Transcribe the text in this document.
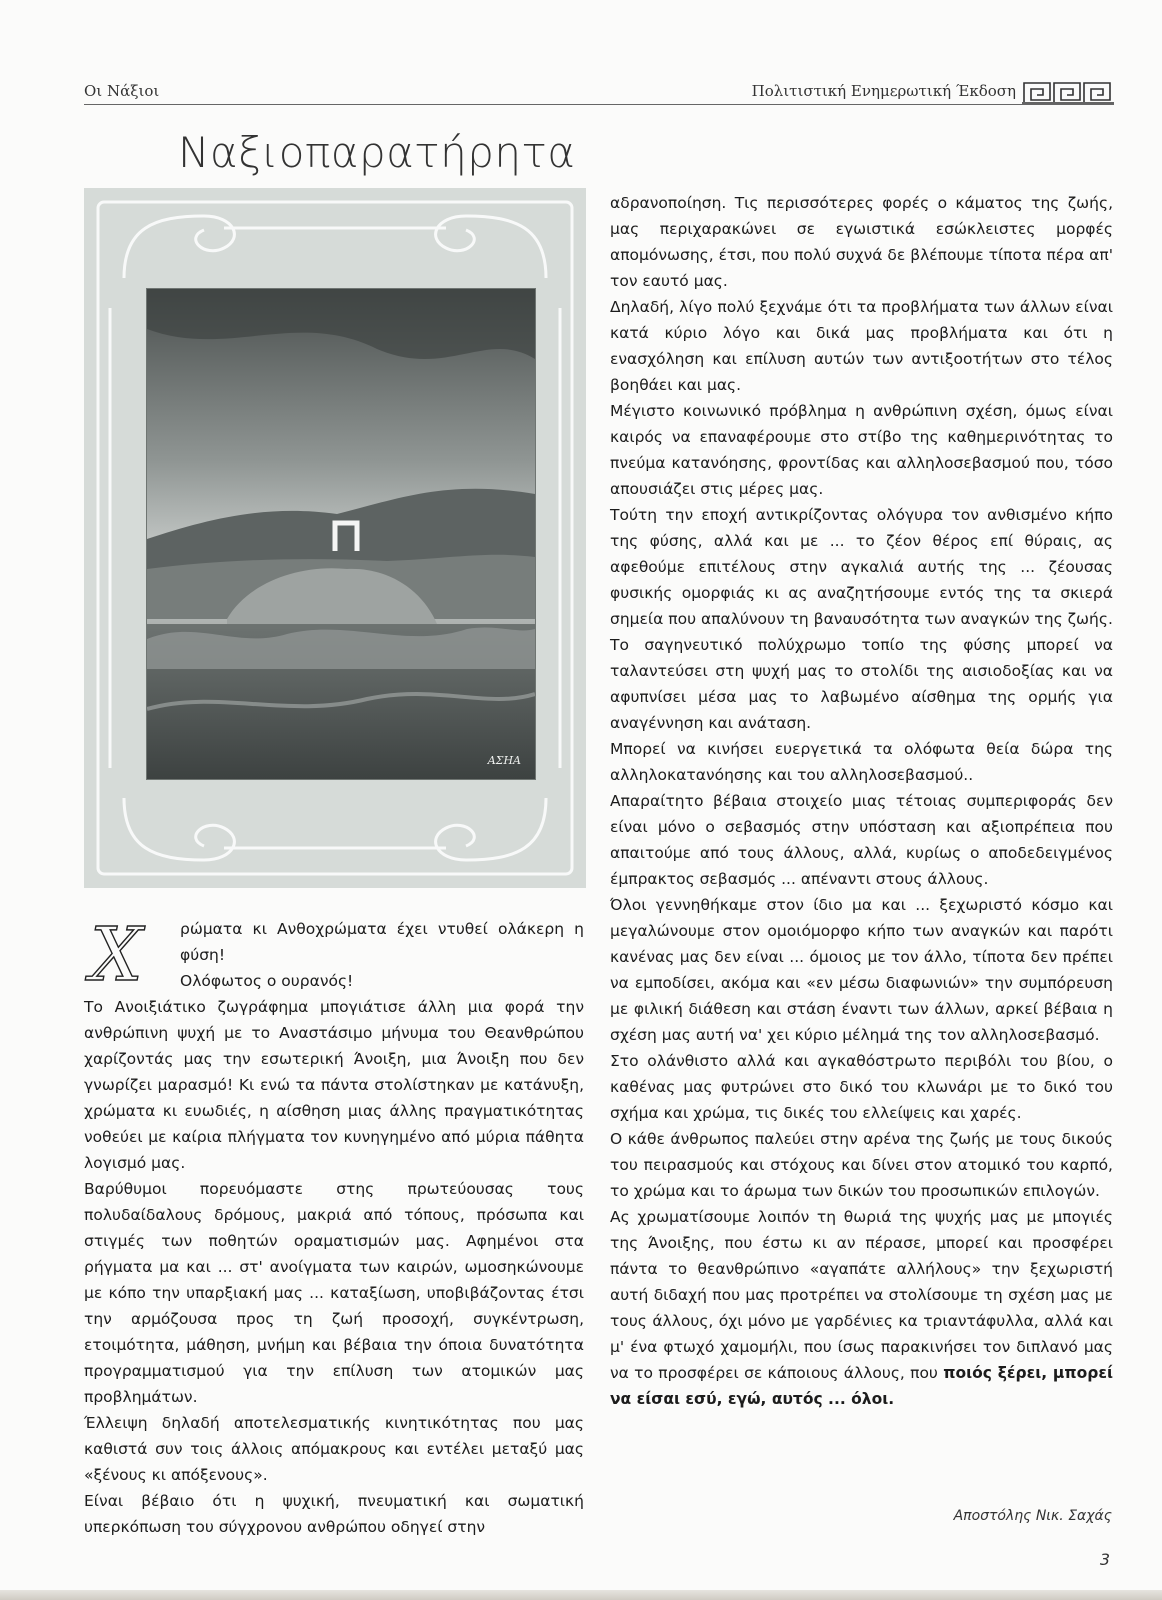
Οι Νάξιοι	Πολιτιστική Ενημερωτική Έκδοση
Ναξιοπαρατήρητα
ΑΣΗΑ
Χ ρώματα κι Ανθοχρώματα έχει ντυθεί ολάκερη η φύση!

Ολόφωτος ο ουρανός!

Το Ανοιξιάτικο ζωγράφημα μπογιάτισε άλλη μια φορά την ανθρώπινη ψυχή με το Αναστάσιμο μήνυμα του Θεανθρώπου χαρίζοντάς μας την εσωτερική Άνοιξη, μια Άνοιξη που δεν γνωρίζει μαρασμό! Κι ενώ τα πάντα στολίστηκαν με κατάνυξη, χρώματα κι ευωδιές, η αίσθηση μιας άλλης πραγματικότητας νοθεύει με καίρια πλήγματα τον κυνηγημένο από μύρια πάθητα λογισμό μας.

Βαρύθυμοι πορευόμαστε στης πρωτεύουσας τους πολυδαίδαλους δρόμους, μακριά από τόπους, πρόσωπα και στιγμές των ποθητών οραματισμών μας. Αφημένοι στα ρήγματα μα και ... στ' ανοίγματα των καιρών, ωμοσηκώνουμε με κόπο την υπαρξιακή μας ... καταξίωση, υποβιβάζοντας έτσι την αρμόζουσα προς τη ζωή προσοχή, συγκέντρωση, ετοιμότητα, μάθηση, μνήμη και βέβαια την όποια δυνατότητα προγραμματισμού για την επίλυση των ατομικών μας προβλημάτων.

Έλλειψη δηλαδή αποτελεσματικής κινητικότητας που μας καθιστά συν τοις άλλοις απόμακρους και εντέλει μεταξύ μας «ξένους κι απόξενους».

Είναι βέβαιο ότι η ψυχική, πνευματική και σωματική υπερκόπωση του σύγχρονου ανθρώπου οδηγεί στην

αδρανοποίηση. Τις περισσότερες φορές ο κάματος της ζωής, μας περιχαρακώνει σε εγωιστικά εσώκλειστες μορφές απομόνωσης, έτσι, που πολύ συχνά δε βλέπουμε τίποτα πέρα απ' τον εαυτό μας.

Δηλαδή, λίγο πολύ ξεχνάμε ότι τα προβλήματα των άλλων είναι κατά κύριο λόγο και δικά μας προβλήματα και ότι η ενασχόληση και επίλυση αυτών των αντιξοοτήτων στο τέλος βοηθάει και μας.

Μέγιστο κοινωνικό πρόβλημα η ανθρώπινη σχέση, όμως είναι καιρός να επαναφέρουμε στο στίβο της καθημερινότητας το πνεύμα κατανόησης, φροντίδας και αλληλοσεβασμού που, τόσο απουσιάζει στις μέρες μας.

Τούτη την εποχή αντικρίζοντας ολόγυρα τον ανθισμένο κήπο της φύσης, αλλά και με ... το ζέον θέρος επί θύραις, ας αφεθούμε επιτέλους στην αγκαλιά αυτής της ... ζέουσας φυσικής ομορφιάς κι ας αναζητήσουμε εντός της τα σκιερά σημεία που απαλύνουν τη βαναυσότητα των αναγκών της ζωής.

Το σαγηνευτικό πολύχρωμο τοπίο της φύσης μπορεί να ταλαντεύσει στη ψυχή μας το στολίδι της αισιοδοξίας και να αφυπνίσει μέσα μας το λαβωμένο αίσθημα της ορμής για αναγέννηση και ανάταση.

Μπορεί να κινήσει ευεργετικά τα ολόφωτα θεία δώρα της αλληλοκατανόησης και του αλληλοσεβασμού..

Απαραίτητο βέβαια στοιχείο μιας τέτοιας συμπεριφοράς δεν είναι μόνο ο σεβασμός στην υπόσταση και αξιοπρέπεια που απαιτούμε από τους άλλους, αλλά, κυρίως ο αποδεδειγμένος έμπρακτος σεβασμός ... απέναντι στους άλλους.

Όλοι γεννηθήκαμε στον ίδιο μα και ... ξεχωριστό κόσμο και μεγαλώνουμε στον ομοιόμορφο κήπο των αναγκών και παρότι κανένας μας δεν είναι ... όμοιος με τον άλλο, τίποτα δεν πρέπει να εμποδίσει, ακόμα και «εν μέσω διαφωνιών» την συμπόρευση με φιλική διάθεση και στάση έναντι των άλλων, αρκεί βέβαια η σχέση μας αυτή να' χει κύριο μέλημά της τον αλληλοσεβασμό.

Στο ολάνθιστο αλλά και αγκαθόστρωτο περιβόλι του βίου, ο καθένας μας φυτρώνει στο δικό του κλωνάρι με το δικό του σχήμα και χρώμα, τις δικές του ελλείψεις και χαρές.

Ο κάθε άνθρωπος παλεύει στην αρένα της ζωής με τους δικούς του πειρασμούς και στόχους και δίνει στον ατομικό του καρπό, το χρώμα και το άρωμα των δικών του προσωπικών επιλογών.

Ας χρωματίσουμε λοιπόν τη θωριά της ψυχής μας με μπογιές της Άνοιξης, που έστω κι αν πέρασε, μπορεί και προσφέρει πάντα το θεανθρώπινο «αγαπάτε αλλήλους» την ξεχωριστή αυτή διδαχή που μας προτρέπει να στολίσουμε τη σχέση μας με τους άλλους, όχι μόνο με γαρδένιες κα τριαντάφυλλα, αλλά και μ' ένα φτωχό χαμομήλι, που ίσως παρακινήσει τον διπλανό μας να το προσφέρει σε κάποιους άλλους, που ποιός ξέρει, μπορεί να είσαι εσύ, εγώ, αυτός ... όλοι.

Αποστόλης Νικ. Σαχάς
3
